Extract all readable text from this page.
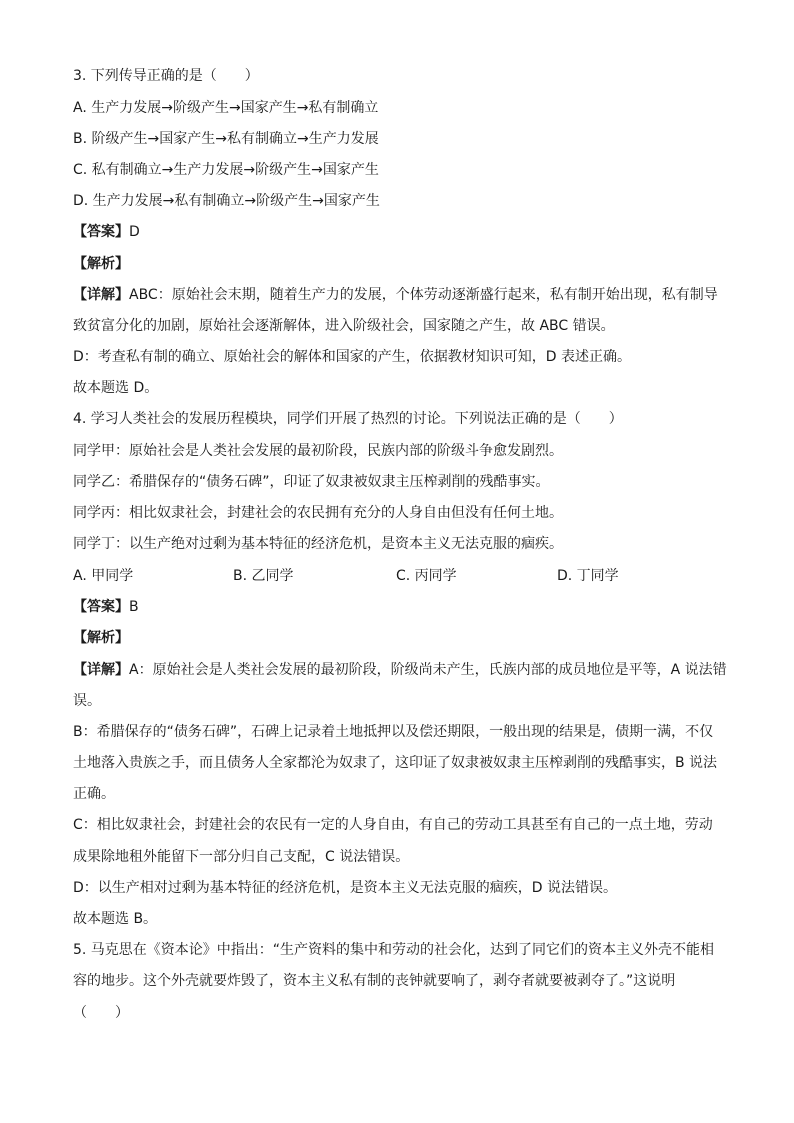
3. 下列传导正确的是（　　）
A. 生产力发展→阶级产生→国家产生→私有制确立
B. 阶级产生→国家产生→私有制确立→生产力发展
C. 私有制确立→生产力发展→阶级产生→国家产生
D. 生产力发展→私有制确立→阶级产生→国家产生
【答案】D
【解析】
【详解】ABC：原始社会末期，随着生产力的发展，个体劳动逐渐盛行起来，私有制开始出现，私有制导
致贫富分化的加剧，原始社会逐渐解体，进入阶级社会，国家随之产生，故 ABC 错误。
D：考查私有制的确立、原始社会的解体和国家的产生，依据教材知识可知，D 表述正确。
故本题选 D。
4. 学习人类社会的发展历程模块，同学们开展了热烈的讨论。下列说法正确的是（　　）
同学甲：原始社会是人类社会发展的最初阶段，民族内部的阶级斗争愈发剧烈。
同学乙：希腊保存的“债务石碑”，印证了奴隶被奴隶主压榨剥削的残酷事实。
同学丙：相比奴隶社会，封建社会的农民拥有充分的人身自由但没有任何土地。
同学丁：以生产绝对过剩为基本特征的经济危机，是资本主义无法克服的痼疾。
A. 甲同学	B. 乙同学	C. 丙同学	D. 丁同学
【答案】B
【解析】
【详解】A：原始社会是人类社会发展的最初阶段，阶级尚未产生，氏族内部的成员地位是平等，A 说法错
误。
B：希腊保存的“债务石碑”，石碑上记录着土地抵押以及偿还期限，一般出现的结果是，债期一满，不仅
土地落入贵族之手，而且债务人全家都沦为奴隶了，这印证了奴隶被奴隶主压榨剥削的残酷事实，B 说法
正确。
C：相比奴隶社会，封建社会的农民有一定的人身自由，有自己的劳动工具甚至有自己的一点土地，劳动
成果除地租外能留下一部分归自己支配，C 说法错误。
D：以生产相对过剩为基本特征的经济危机，是资本主义无法克服的痼疾，D 说法错误。
故本题选 B。
5. 马克思在《资本论》中指出：“生产资料的集中和劳动的社会化，达到了同它们的资本主义外壳不能相
容的地步。这个外壳就要炸毁了，资本主义私有制的丧钟就要响了，剥夺者就要被剥夺了。”这说明
（　　）
